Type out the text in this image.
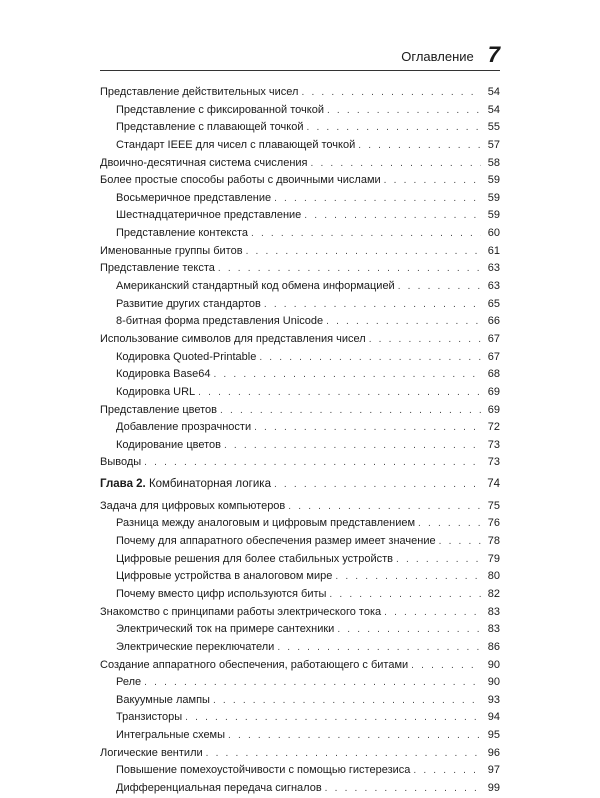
Оглавление 7
Представление действительных чисел . . .	54
Представление с фиксированной точкой . . .	54
Представление с плавающей точкой . . .	55
Стандарт IEEE для чисел с плавающей точкой . . .	57
Двоично-десятичная система счисления . . .	58
Более простые способы работы с двоичными числами . . .	59
Восьмеричное представление . . .	59
Шестнадцатеричное представление . . .	59
Представление контекста . . .	60
Именованные группы битов . . .	61
Представление текста . . .	63
Американский стандартный код обмена информацией . . .	63
Развитие других стандартов . . .	65
8-битная форма представления Unicode . . .	66
Использование символов для представления чисел . . .	67
Кодировка Quoted-Printable . . .	67
Кодировка Base64 . . .	68
Кодировка URL . . .	69
Представление цветов . . .	69
Добавление прозрачности . . .	72
Кодирование цветов . . .	73
Выводы . . .	73
Глава 2. Комбинаторная логика . . .	74
Задача для цифровых компьютеров . . .	75
Разница между аналоговым и цифровым представлением . . .	76
Почему для аппаратного обеспечения размер имеет значение . . .	78
Цифровые решения для более стабильных устройств . . .	79
Цифровые устройства в аналоговом мире . . .	80
Почему вместо цифр используются биты . . .	82
Знакомство с принципами работы электрического тока . . .	83
Электрический ток на примере сантехники . . .	83
Электрические переключатели . . .	86
Создание аппаратного обеспечения, работающего с битами . . .	90
Реле . . .	90
Вакуумные лампы . . .	93
Транзисторы . . .	94
Интегральные схемы . . .	95
Логические вентили . . .	96
Повышение помехоустойчивости с помощью гистерезиса . . .	97
Дифференциальная передача сигналов . . .	99
